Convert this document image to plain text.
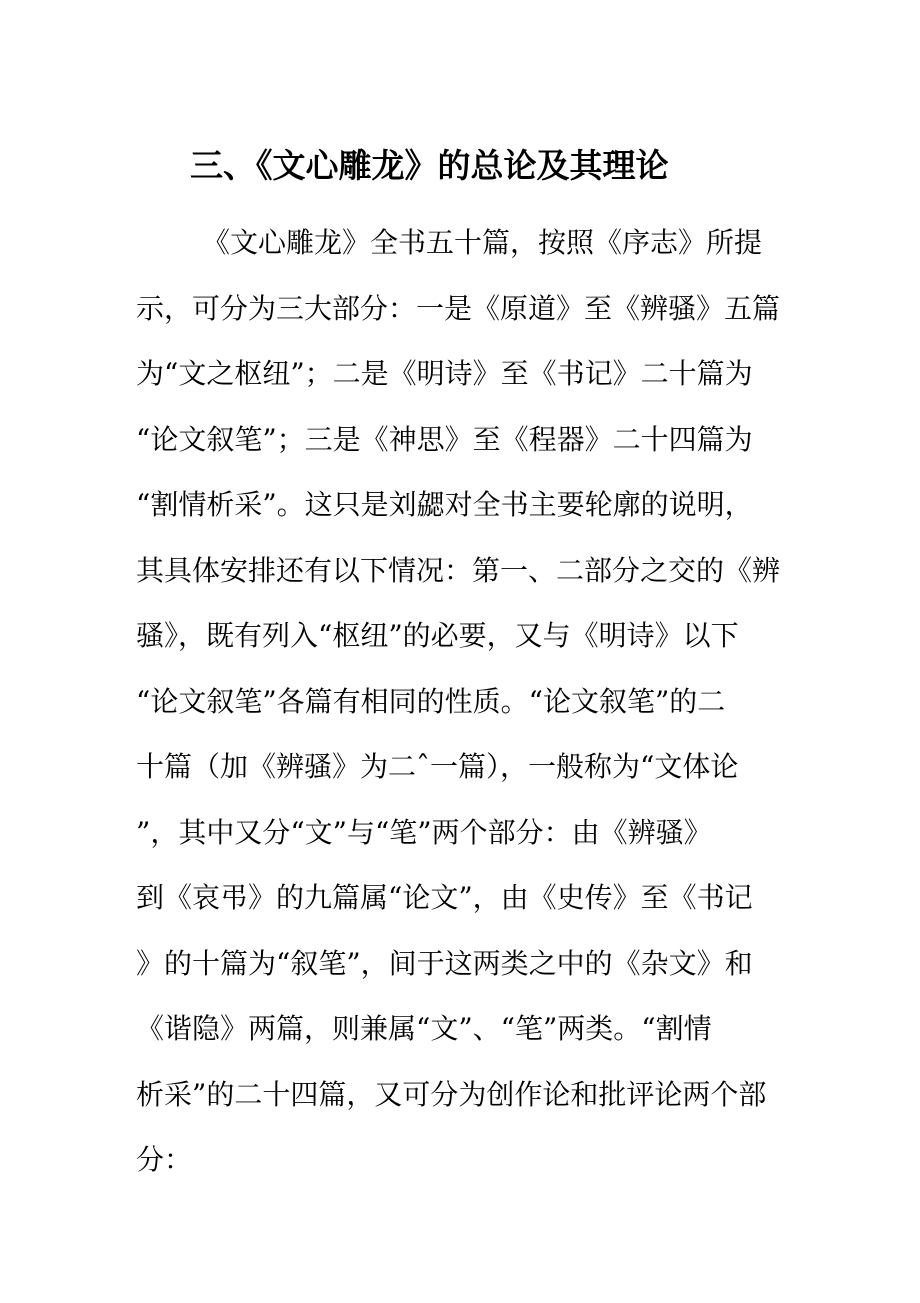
三、《文心雕龙》的总论及其理论
《文心雕龙》全书五十篇，按照《序志》所提
示，可分为三大部分：一是《原道》至《辨骚》五篇
为“文之枢纽”；二是《明诗》至《书记》二十篇为
“论文叙笔”；三是《神思》至《程器》二十四篇为
“割情析采”。这只是刘勰对全书主要轮廓的说明，
其具体安排还有以下情况：第一、二部分之交的《辨
骚》，既有列入“枢纽”的必要，又与《明诗》以下
“论文叙笔”各篇有相同的性质。“论文叙笔”的二
十篇（加《辨骚》为二ˆ一篇），一般称为“文体论
”，其中又分“文”与“笔”两个部分：由《辨骚》
到《哀弔》的九篇属“论文”，由《史传》至《书记
》的十篇为“叙笔”，间于这两类之中的《杂文》和
《谐隐》两篇，则兼属“文”、“笔”两类。“割情
析采”的二十四篇，又可分为创作论和批评论两个部
分：
